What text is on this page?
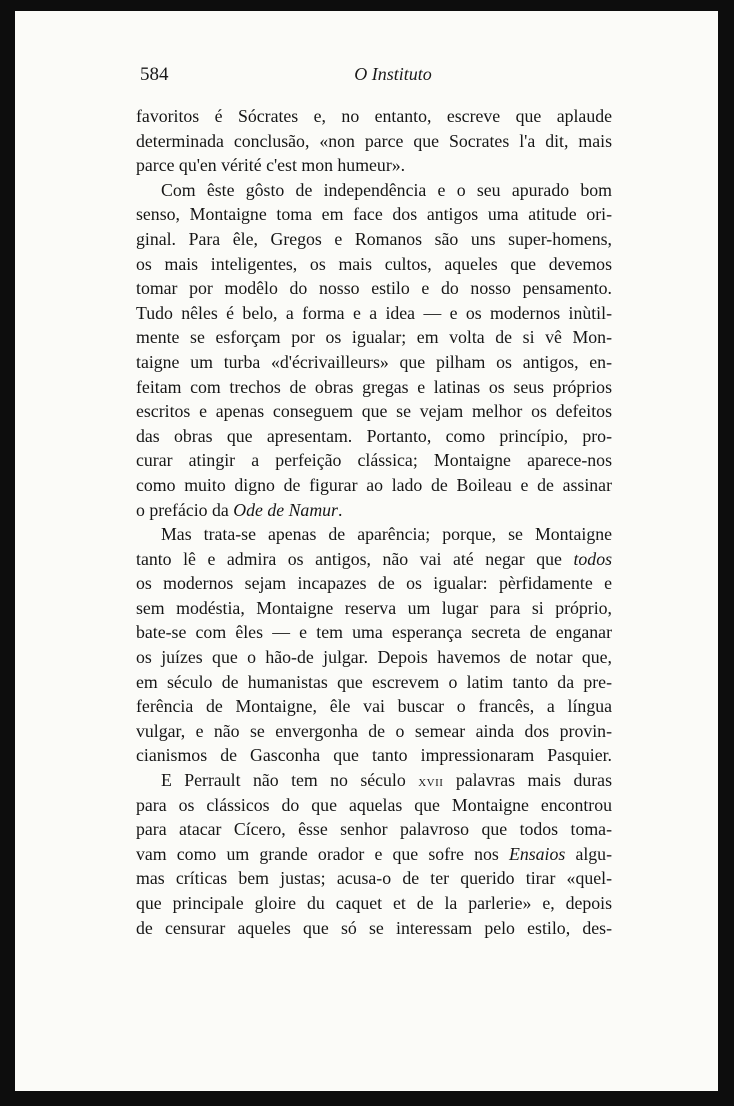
584	O Instituto
favoritos é Sócrates e, no entanto, escreve que aplaude
determinada conclusão, «non parce que Socrates l'a dit, mais
parce qu'en vérité c'est mon humeur».
Com êste gôsto de independência e o seu apurado bom
senso, Montaigne toma em face dos antigos uma atitude ori-
ginal. Para êle, Gregos e Romanos são uns super-homens,
os mais inteligentes, os mais cultos, aqueles que devemos
tomar por modêlo do nosso estilo e do nosso pensamento.
Tudo nêles é belo, a forma e a idea — e os modernos inùtil-
mente se esforçam por os igualar; em volta de si vê Mon-
taigne um turba «d'écrivailleurs» que pilham os antigos, en-
feitam com trechos de obras gregas e latinas os seus próprios
escritos e apenas conseguem que se vejam melhor os defeitos
das obras que apresentam. Portanto, como princípio, pro-
curar atingir a perfeição clássica; Montaigne aparece-nos
como muito digno de figurar ao lado de Boileau e de assinar
o prefácio da Ode de Namur.
Mas trata-se apenas de aparência; porque, se Montaigne
tanto lê e admira os antigos, não vai até negar que todos
os modernos sejam incapazes de os igualar: pèrfidamente e
sem modéstia, Montaigne reserva um lugar para si próprio,
bate-se com êles — e tem uma esperança secreta de enganar
os juízes que o hão-de julgar. Depois havemos de notar que,
em século de humanistas que escrevem o latim tanto da pre-
ferência de Montaigne, êle vai buscar o francês, a língua
vulgar, e não se envergonha de o semear ainda dos provin-
cianismos de Gasconha que tanto impressionaram Pasquier.
E Perrault não tem no século xvii palavras mais duras
para os clássicos do que aquelas que Montaigne encontrou
para atacar Cícero, êsse senhor palavroso que todos toma-
vam como um grande orador e que sofre nos Ensaios algu-
mas críticas bem justas; acusa-o de ter querido tirar «quel-
que principale gloire du caquet et de la parlerie» e, depois
de censurar aqueles que só se interessam pelo estilo, des-
